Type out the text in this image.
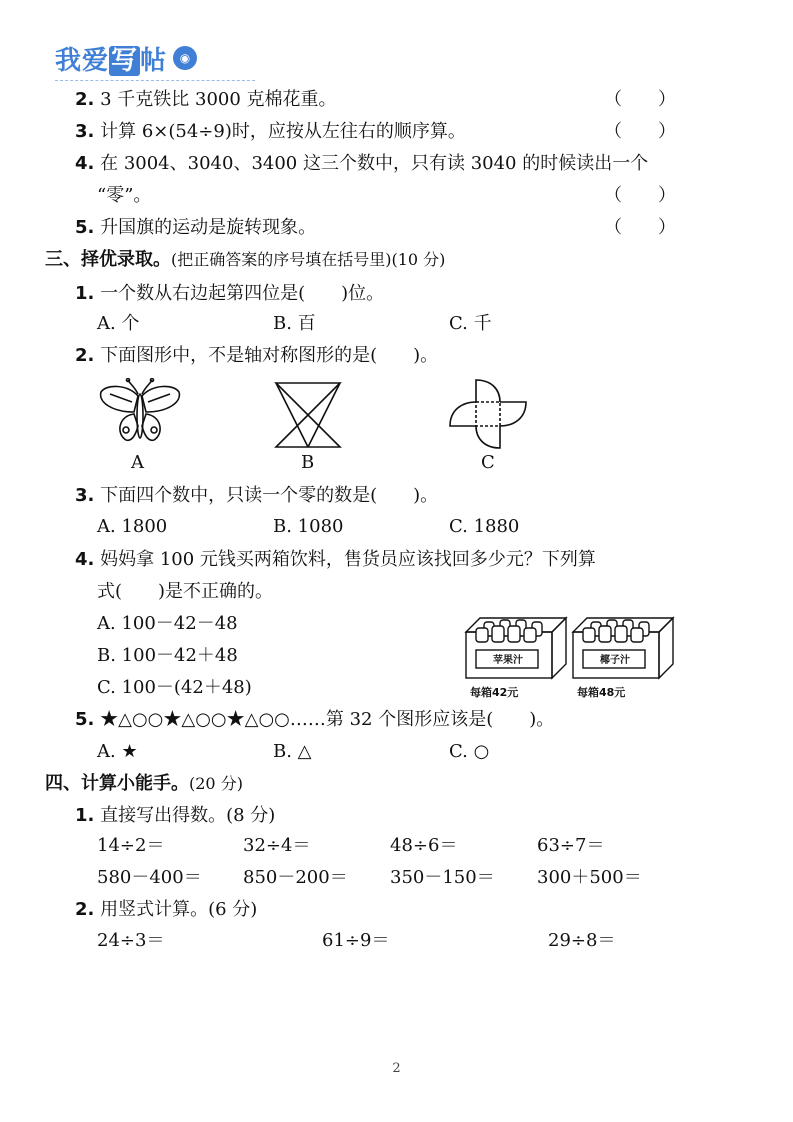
我爱写帖	◉
2. 3 千克铁比 3000 克棉花重。	（　　）
3. 计算 6×(54÷9)时，应按从左往右的顺序算。	（　　）
4. 在 3004、3040、3400 这三个数中，只有读 3040 的时候读出一个
“零”。	（　　）
5. 升国旗的运动是旋转现象。	（　　）
三、择优录取。(把正确答案的序号填在括号里)(10 分)
1. 一个数从右边起第四位是(　　)位。
A. 个	B. 百	C. 千
2. 下面图形中，不是轴对称图形的是(　　)。
A	B	C
3. 下面四个数中，只读一个零的数是(　　)。
A. 1800	B. 1080	C. 1880
4. 妈妈拿 100 元钱买两箱饮料，售货员应该找回多少元？下列算
式(　　)是不正确的。
A. 100－42－48
B. 100－42＋48
C. 100－(42＋48)
苹果汁
每箱42元
椰子汁
每箱48元
5. ★△○○★△○○★△○○……第 32 个图形应该是(　　)。
A. ★	B. △	C. ○
四、计算小能手。(20 分)
1. 直接写出得数。(8 分)
14÷2＝	32÷4＝	48÷6＝	63÷7＝
580－400＝ 850－200＝ 350－150＝ 300＋500＝
2. 用竖式计算。(6 分)
24÷3＝	61÷9＝	29÷8＝
2
